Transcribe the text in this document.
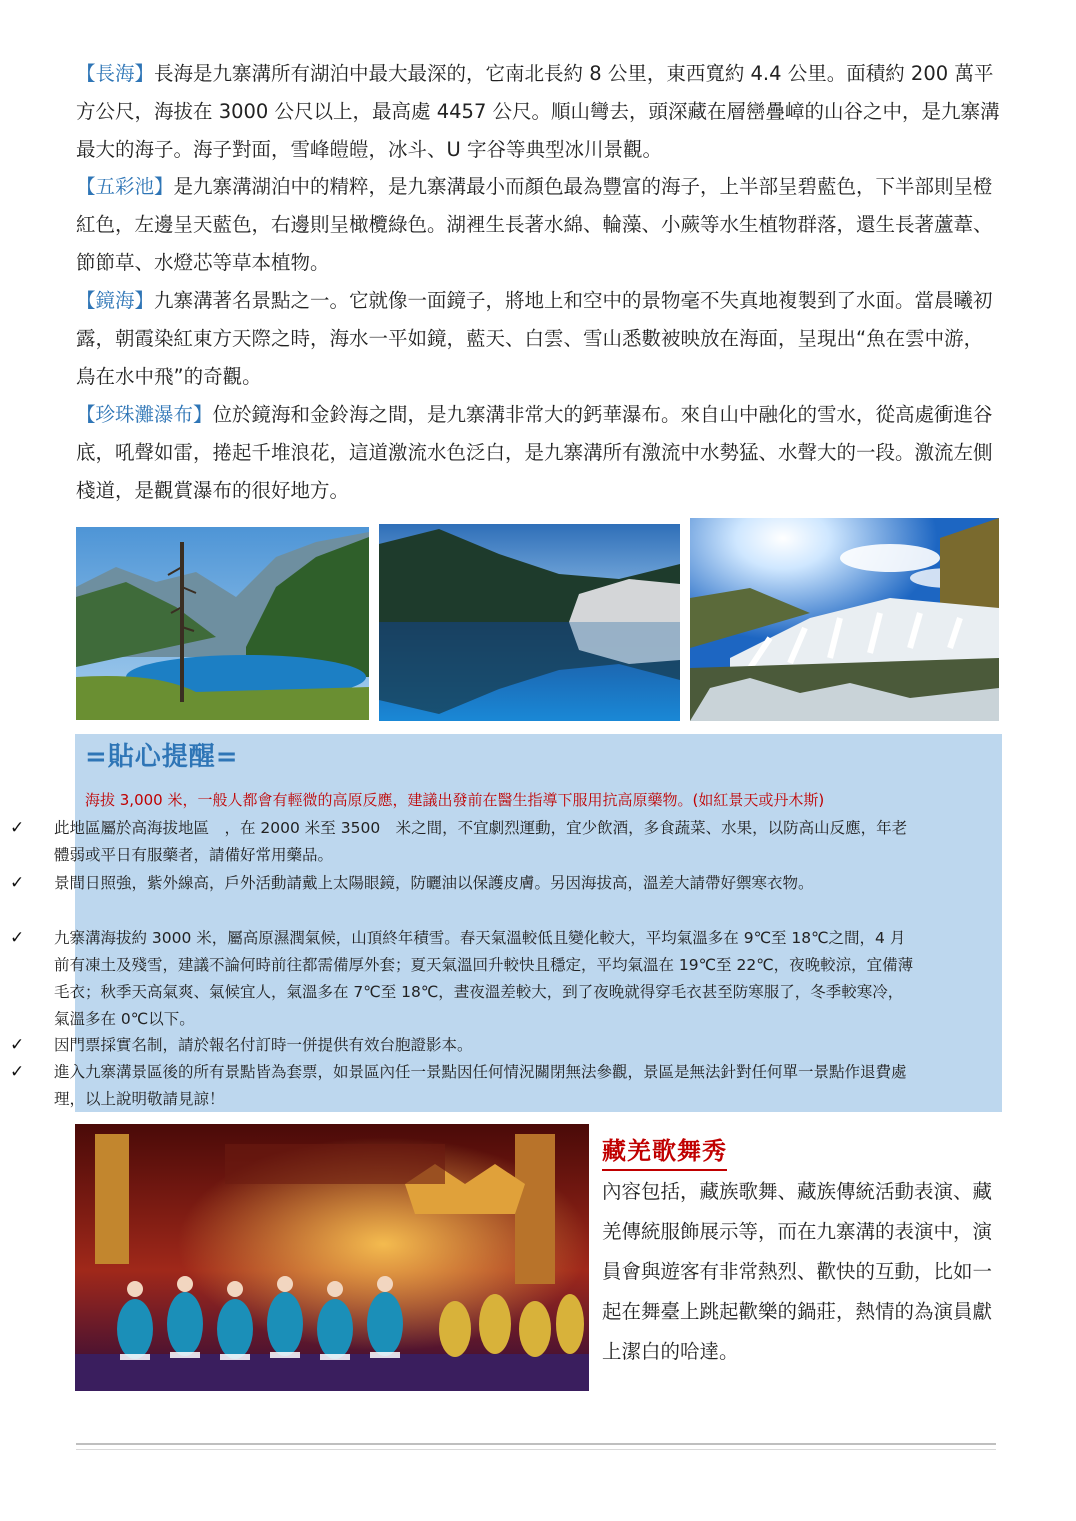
【長海】長海是九寨溝所有湖泊中最大最深的，它南北長約 8 公里，東西寬約 4.4 公里。面積約 200 萬平方公尺，海拔在 3000 公尺以上，最高處 4457 公尺。順山彎去，頭深藏在層巒疊嶂的山谷之中，是九寨溝最大的海子。海子對面，雪峰皚皚，冰斗、U 字谷等典型冰川景觀。

【五彩池】是九寨溝湖泊中的精粹，是九寨溝最小而顏色最為豐富的海子，上半部呈碧藍色，下半部則呈橙紅色，左邊呈天藍色，右邊則呈橄欖綠色。湖裡生長著水綿、輪藻、小蕨等水生植物群落，還生長著蘆葦、節節草、水燈芯等草本植物。

【鏡海】九寨溝著名景點之一。它就像一面鏡子，將地上和空中的景物毫不失真地複製到了水面。當晨曦初露，朝霞染紅東方天際之時，海水一平如鏡，藍天、白雲、雪山悉數被映放在海面，呈現出“魚在雲中游，鳥在水中飛”的奇觀。

【珍珠灘瀑布】位於鏡海和金鈴海之間，是九寨溝非常大的鈣華瀑布。來自山中融化的雪水，從高處衝進谷底，吼聲如雷，捲起千堆浪花，這道激流水色泛白，是九寨溝所有激流中水勢猛、水聲大的一段。激流左側棧道，是觀賞瀑布的很好地方。

=貼心提醒=
海拔 3,000 米，一般人都會有輕微的高原反應，建議出發前在醫生指導下服用抗高原藥物。(如紅景天或丹木斯)
✓ 此地區屬於高海拔地區　，在 2000 米至 3500　米之間，不宜劇烈運動，宜少飲酒，多食蔬菜、水果，以防高山反應，年老體弱或平日有服藥者，請備好常用藥品。
✓ 景間日照強，紫外線高，戶外活動請戴上太陽眼鏡，防曬油以保護皮膚。另因海拔高，溫差大請帶好禦寒衣物。
✓ 九寨溝海拔約 3000 米，屬高原濕潤氣候，山頂終年積雪。春天氣溫較低且變化較大，平均氣溫多在 9℃至 18℃之間，4 月前有凍土及殘雪，建議不論何時前往都需備厚外套；夏天氣溫回升較快且穩定，平均氣溫在 19℃至 22℃，夜晚較涼，宜備薄毛衣；秋季天高氣爽、氣候宜人，氣溫多在 7℃至 18℃，晝夜溫差較大，到了夜晚就得穿毛衣甚至防寒服了，冬季較寒冷，氣溫多在 0℃以下。
✓ 因門票採實名制，請於報名付訂時一併提供有效台胞證影本。
✓ 進入九寨溝景區後的所有景點皆為套票，如景區內任一景點因任何情況關閉無法參觀，景區是無法針對任何單一景點作退費處理，以上說明敬請見諒！
藏羌歌舞秀

內容包括，藏族歌舞、藏族傳統活動表演、藏羌傳統服飾展示等，而在九寨溝的表演中，演員會與遊客有非常熱烈、歡快的互動，比如一起在舞臺上跳起歡樂的鍋莊，熱情的為演員獻上潔白的哈達。
